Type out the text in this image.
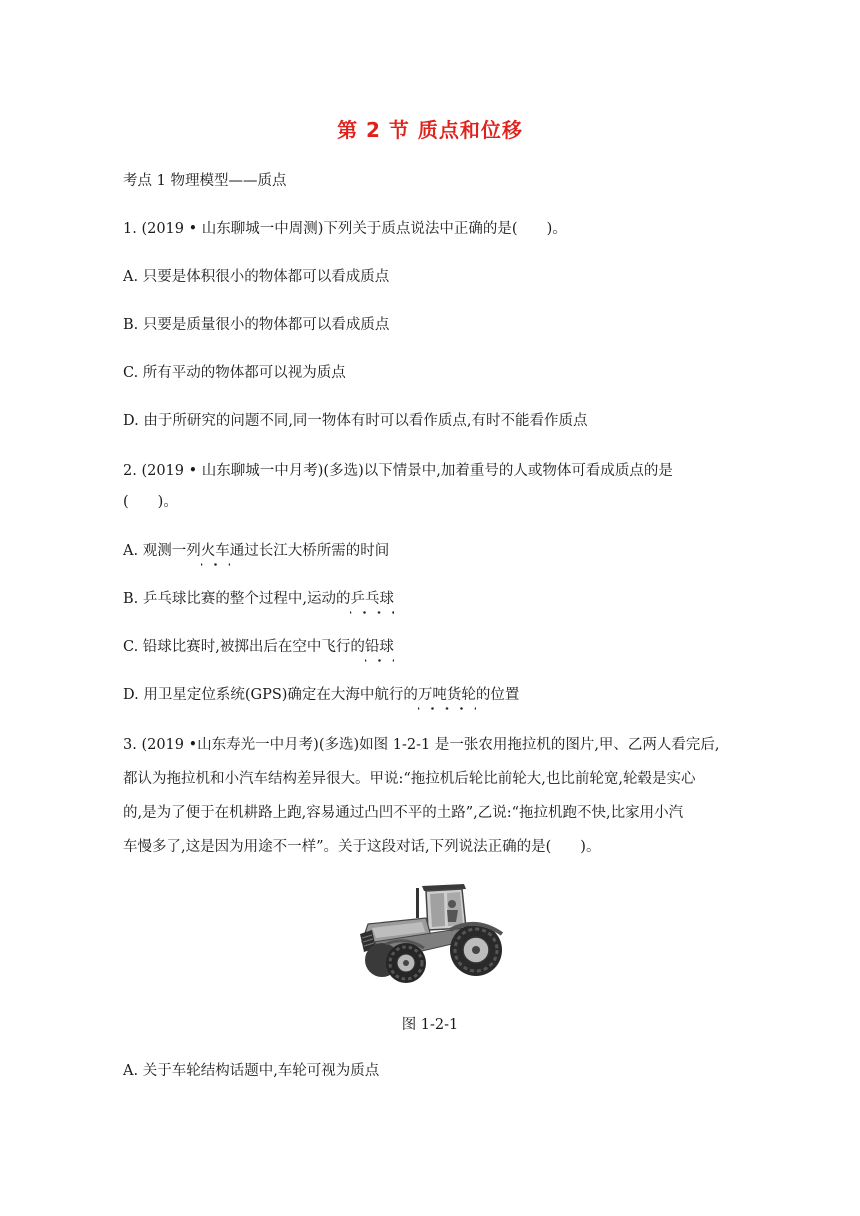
第 2 节 质点和位移
考点 1 物理模型——质点
1. (2019 • 山东聊城一中周测)下列关于质点说法中正确的是(　　)。
A. 只要是体积很小的物体都可以看成质点
B. 只要是质量很小的物体都可以看成质点
C. 所有平动的物体都可以视为质点
D. 由于所研究的问题不同,同一物体有时可以看作质点,有时不能看作质点
2. (2019 • 山东聊城一中月考)(多选)以下情景中,加着重号的人或物体可看成质点的是
(　　)。
A. 观测一列火车通过长江大桥所需的时间
B. 乒乓球比赛的整个过程中,运动的乒乓球
C. 铅球比赛时,被掷出后在空中飞行的铅球
D. 用卫星定位系统(GPS)确定在大海中航行的万吨货轮的位置
3. (2019 •山东寿光一中月考)(多选)如图 1-2-1 是一张农用拖拉机的图片,甲、乙两人看完后,
都认为拖拉机和小汽车结构差异很大。甲说:“拖拉机后轮比前轮大,也比前轮宽,轮毂是实心
的,是为了便于在机耕路上跑,容易通过凸凹不平的土路”,乙说:“拖拉机跑不快,比家用小汽
车慢多了,这是因为用途不一样”。关于这段对话,下列说法正确的是(　　)。
图 1-2-1
A. 关于车轮结构话题中,车轮可视为质点
